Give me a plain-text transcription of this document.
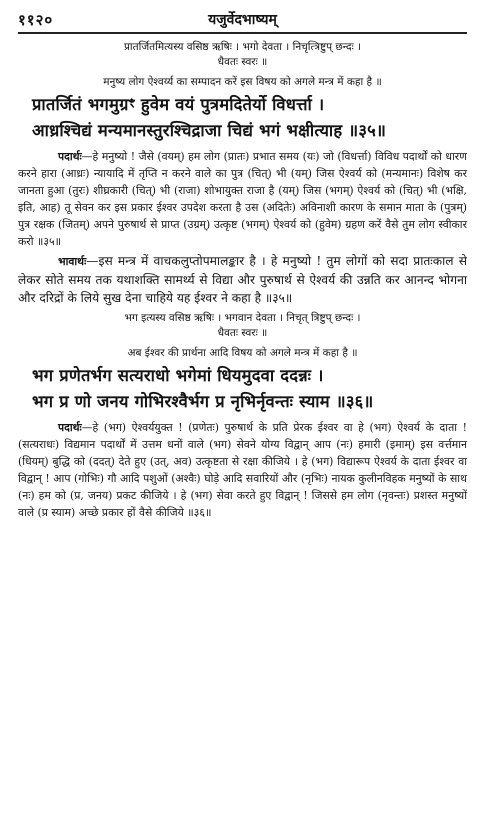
११२०	यजुर्वेदभाष्यम्
प्रातर्जितमित्यस्य वसिष्ठ ऋषिः । भगो देवता । निचृत्त्रिष्टुप् छन्दः ।
धैवतः स्वरः ॥
मनुष्य लोग ऐश्वर्य्य का सम्पादन करें इस विषय को अगले मन्त्र में कहा है ॥
प्रातर्जितं भगमुग्रꣳ हुवेम वयं पुत्रमदितेर्यो विधर्त्ता ।
आध्रश्चिद्यं मन्यमानस्तुरश्चिद्राजा चिद्यं भगं भक्षीत्याह ॥३५॥
पदार्थः—हे मनुष्यो ! जैसे (वयम्) हम लोग (प्रातः) प्रभात समय (यः) जो (विधर्त्ता) विविध पदार्थों को धारण करने हारा (आध्रः) न्यायादि में तृप्ति न करने वाले का पुत्र (चित्) भी (यम्) जिस ऐश्वर्य को (मन्यमानः) विशेष कर जानता हुआ (तुरः) शीघ्रकारी (चित्) भी (राजा) शोभायुक्त राजा है (यम्) जिस (भगम्) ऐश्वर्य को (चित्) भी (भक्षि, इति, आह) तू सेवन कर इस प्रकार ईश्वर उपदेश करता है उस (अदितेः) अविनाशी कारण के समान माता के (पुत्रम्) पुत्र रक्षक (जितम्) अपने पुरुषार्थ से प्राप्त (उग्रम्) उत्कृष्ट (भगम्) ऐश्वर्य को (हुवेम) ग्रहण करें वैसे तुम लोग स्वीकार करो ॥३५॥
भावार्थः—इस मन्त्र में वाचकलुप्तोपमालङ्कार है । हे मनुष्यो ! तुम लोगों को सदा प्रातःकाल से लेकर सोते समय तक यथाशक्ति सामर्थ्य से विद्या और पुरुषार्थ से ऐश्वर्य की उन्नति कर आनन्द भोगना और दरिद्रों के लिये सुख देना चाहिये यह ईश्वर ने कहा है ॥३५॥
भग इत्यस्य वसिष्ठ ऋषिः । भगवान देवता । निचृत् त्रिष्टुप् छन्दः ।
धैवतः स्वरः ॥
अब ईश्वर की प्रार्थना आदि विषय को अगले मन्त्र में कहा है ॥
भग प्रणेतर्भग सत्यराधो भगेमां धियमुदवा ददन्नः ।
भग प्र णो जनय गोभिरश्वैर्भग प्र नृभिर्नृवन्तः स्याम ॥३६॥
पदार्थः—हे (भग) ऐश्वर्ययुक्त ! (प्रणेतः) पुरुषार्थ के प्रति प्रेरक ईश्वर वा हे (भग) ऐश्वर्य के दाता ! (सत्यराधः) विद्यमान पदार्थों में उत्तम धनों वाले (भग) सेवने योग्य विद्वान् आप (नः) हमारी (इमाम्) इस वर्त्तमान (धियम्) बुद्धि को (ददत्) देते हुए (उत्, अव) उत्कृष्टता से रक्षा कीजिये । हे (भग) विद्यारूप ऐश्वर्य के दाता ईश्वर वा विद्वान् ! आप (गोभिः) गौ आदि पशुओं (अश्वैः) घोड़े आदि सवारियों और (नृभिः) नायक कुलीनविहक मनुष्यों के साथ (नः) हम को (प्र, जनय) प्रकट कीजिये । हे (भग) सेवा करते हुए विद्वान् ! जिससे हम लोग (नृवन्तः) प्रशस्त मनुष्यों वाले (प्र स्याम) अच्छे प्रकार हों वैसे कीजिये ॥३६॥
